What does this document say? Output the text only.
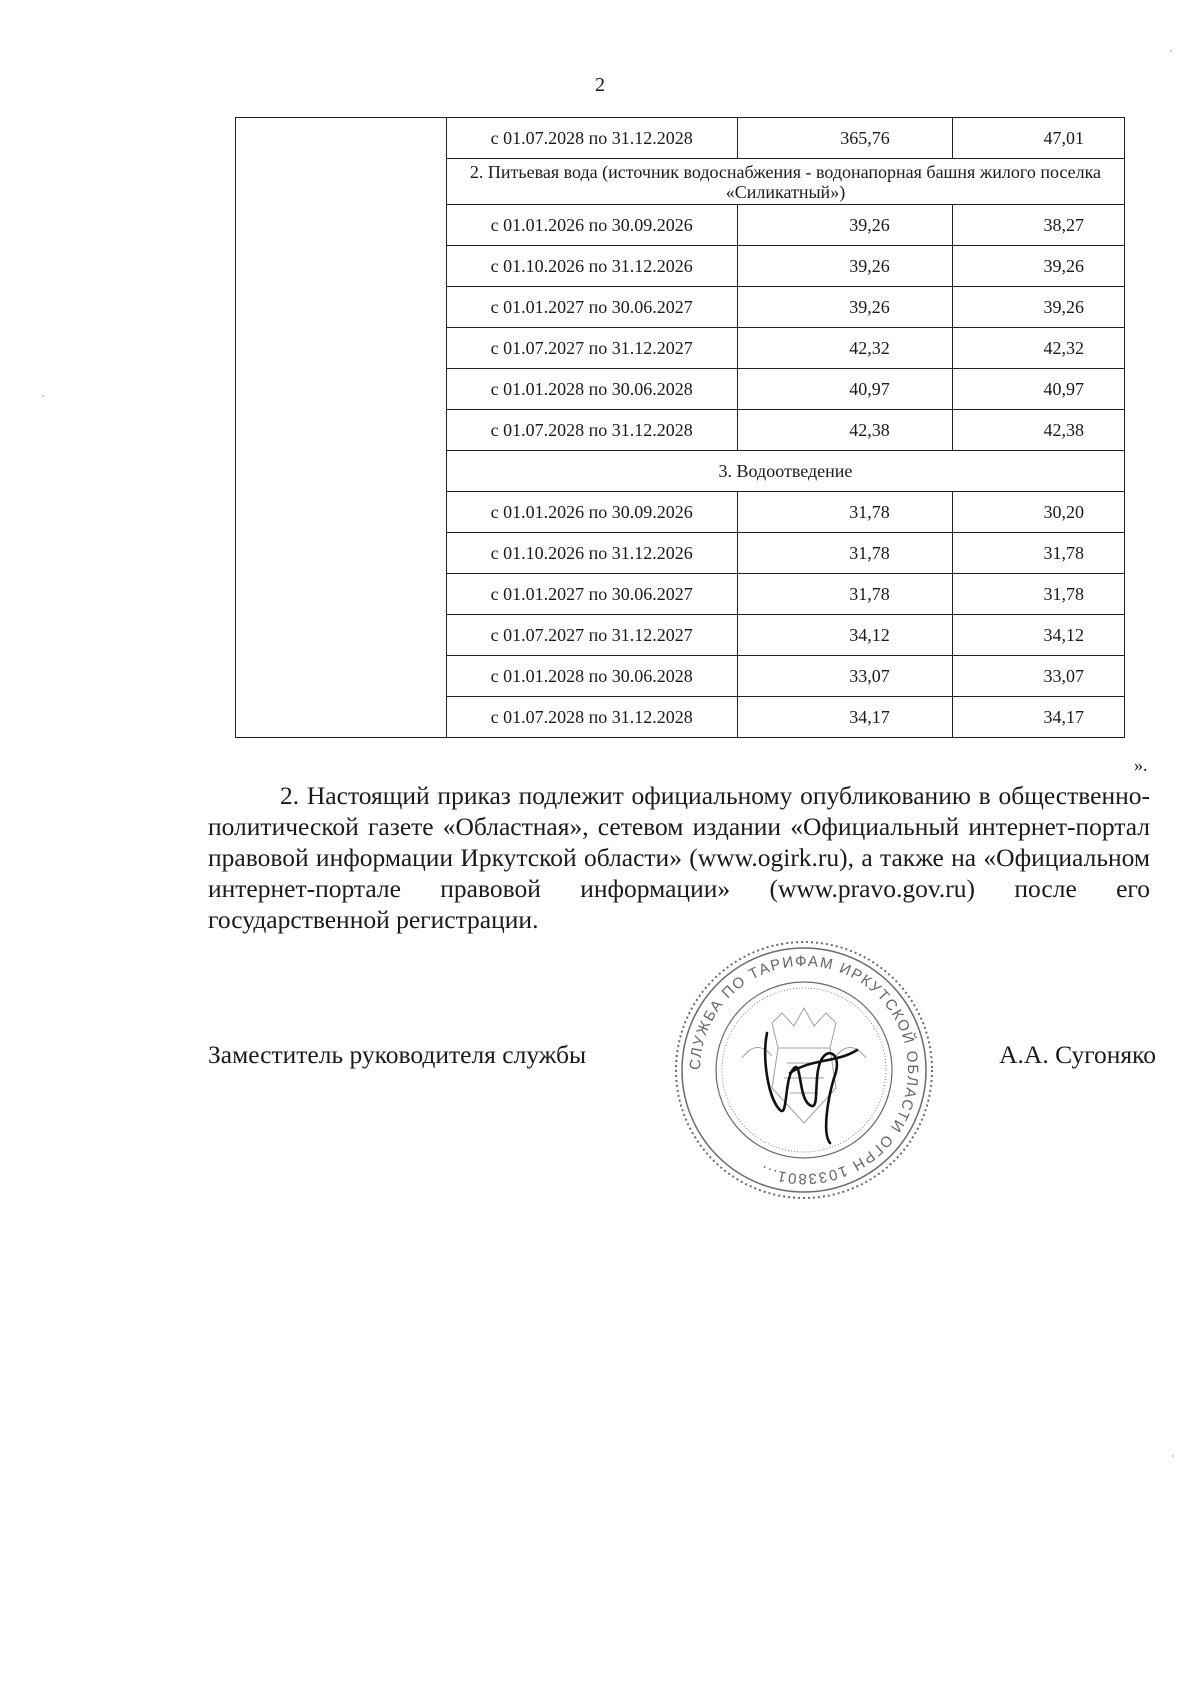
2
	с 01.07.2028 по 31.12.2028	365,76	47,01
	2. Питьевая вода (источник водоснабжения - водонапорная башня жилого поселка «Силикатный»)		
	с 01.01.2026 по 30.09.2026	39,26	38,27
	с 01.10.2026 по 31.12.2026	39,26	39,26
	с 01.01.2027 по 30.06.2027	39,26	39,26
	с 01.07.2027 по 31.12.2027	42,32	42,32
	с 01.01.2028 по 30.06.2028	40,97	40,97
	с 01.07.2028 по 31.12.2028	42,38	42,38
	3. Водоотведение		
	с 01.01.2026 по 30.09.2026	31,78	30,20
	с 01.10.2026 по 31.12.2026	31,78	31,78
	с 01.01.2027 по 30.06.2027	31,78	31,78
	с 01.07.2027 по 31.12.2027	34,12	34,12
	с 01.01.2028 по 30.06.2028	33,07	33,07
	с 01.07.2028 по 31.12.2028	34,17	34,17
».

2. Настоящий приказ подлежит официальному опубликованию в общественно-политической газете «Областная», сетевом издании «Официальный интернет-портал правовой информации Иркутской области» (www.ogirk.ru), а также на «Официальном интернет-портале правовой информации» (www.pravo.gov.ru) после его государственной регистрации.

Заместитель руководителя службы	А.А. Сугоняко
СЛУЖБА ПО ТАРИФАМ ИРКУТСКОЙ ОБЛАСТИ ОГРН 1033801...
